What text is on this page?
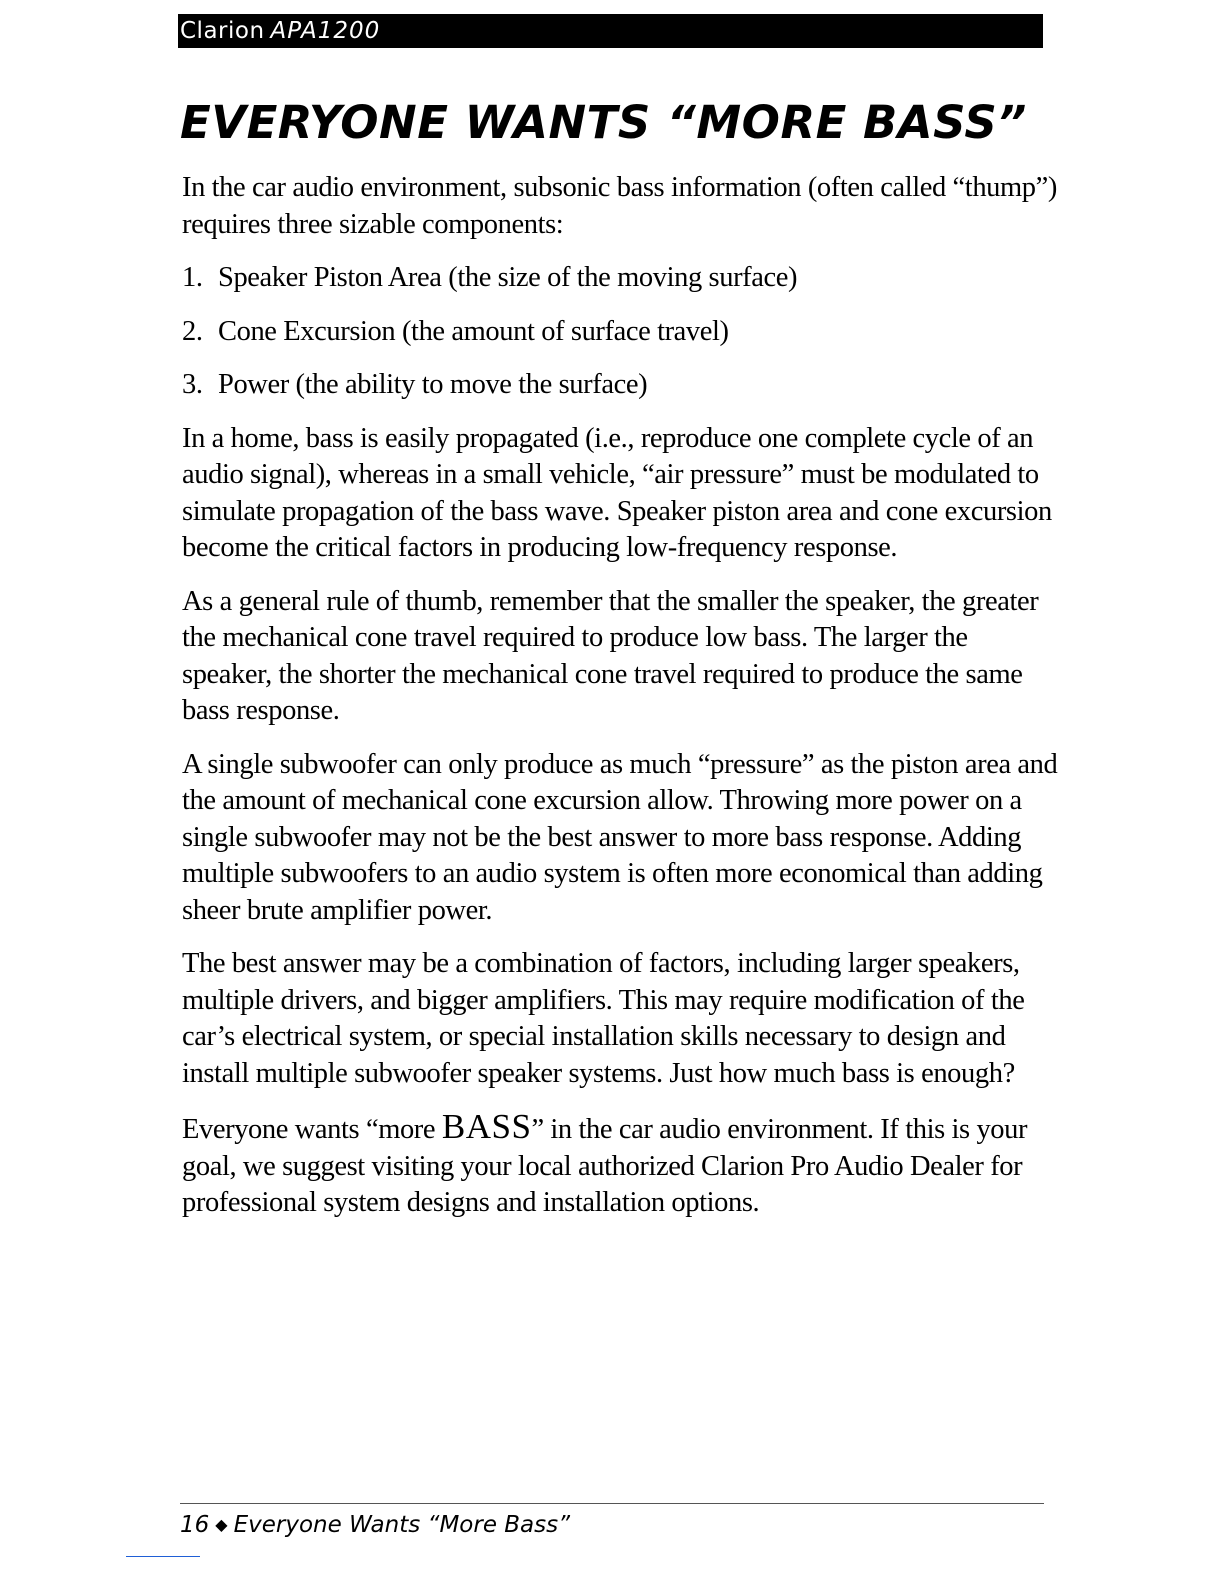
Clarion APA1200
EVERYONE WANTS “MORE BASS”

In the car audio environment, subsonic bass information (often called “thump”) requires three sizable components:

1. Speaker Piston Area (the size of the moving surface)
2. Cone Excursion (the amount of surface travel)
3. Power (the ability to move the surface)

In a home, bass is easily propagated (i.e., reproduce one complete cycle of an audio signal), whereas in a small vehicle, “air pressure” must be modulated to simulate propagation of the bass wave. Speaker piston area and cone excursion become the critical factors in producing low-frequency response.

As a general rule of thumb, remember that the smaller the speaker, the greater the mechanical cone travel required to produce low bass. The larger the speaker, the shorter the mechanical cone travel required to produce the same bass response.

A single subwoofer can only produce as much “pressure” as the piston area and the amount of mechanical cone excursion allow. Throwing more power on a single subwoofer may not be the best answer to more bass response. Adding multiple subwoofers to an audio system is often more economical than adding sheer brute amplifier power.

The best answer may be a combination of factors, including larger speakers, multiple drivers, and bigger amplifiers. This may require modification of the car’s electrical system, or special installation skills necessary to design and install multiple subwoofer speaker systems. Just how much bass is enough?

Everyone wants “more BASS” in the car audio environment. If this is your goal, we suggest visiting your local authorized Clarion Pro Audio Dealer for professional system designs and installation options.

16 ◆ Everyone Wants “More Bass”
